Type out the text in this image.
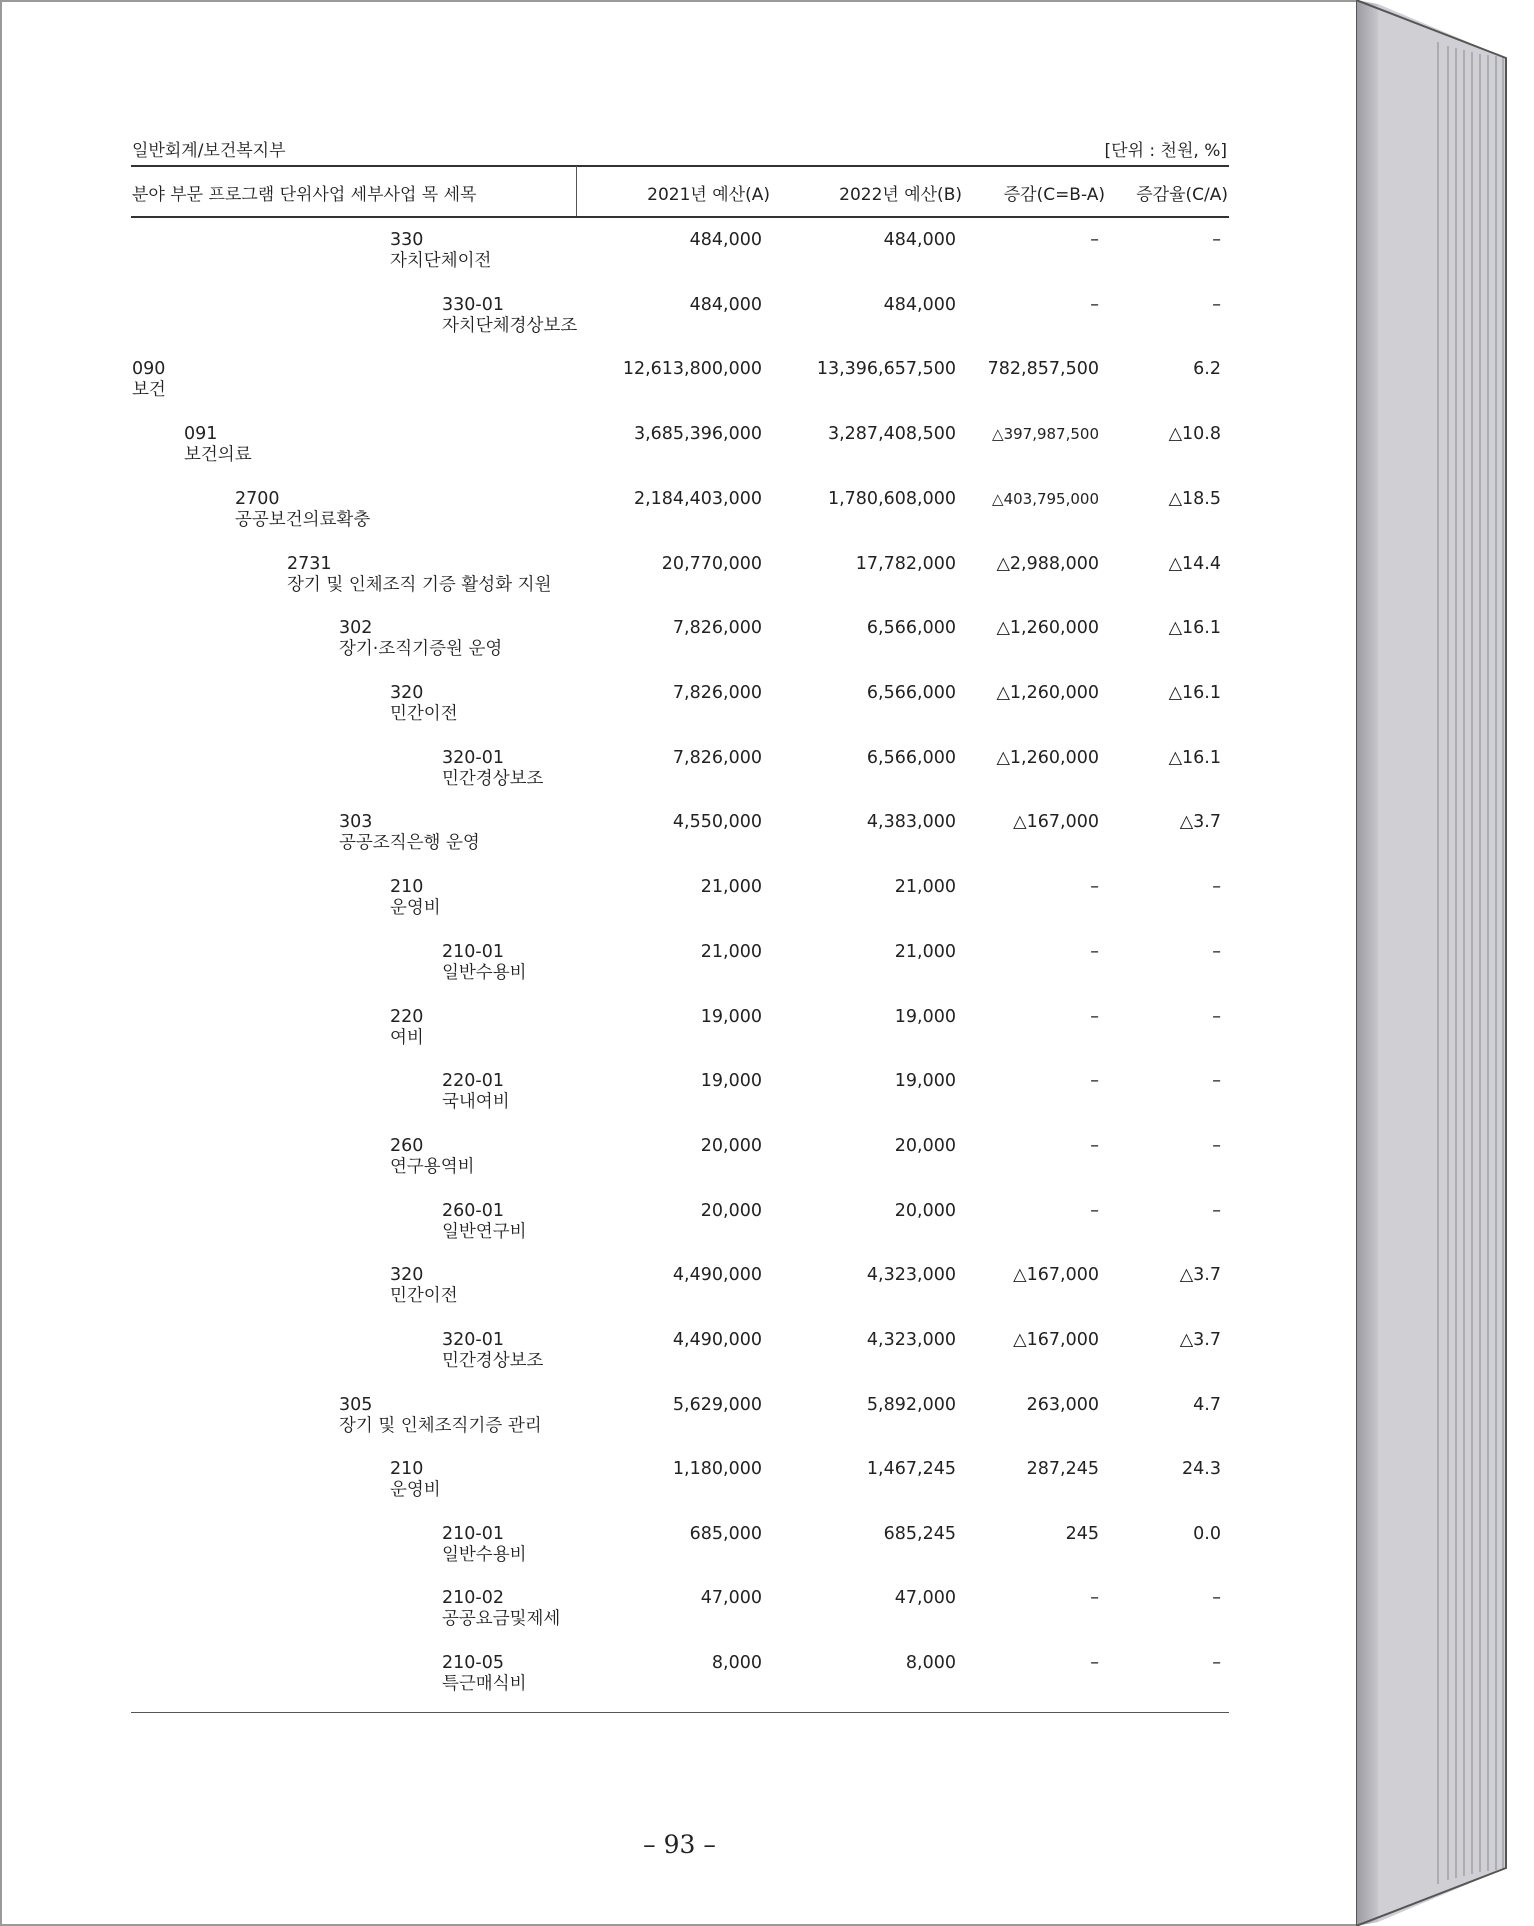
일반회계/보건복지부	[단위 : 천원, %]
분야 부문 프로그램 단위사업 세부사업 목 세목	2021년 예산(A)	2022년 예산(B)	증감(C=B-A)	증감율(C/A)
330
자치단체이전
484,000	484,000	–	–
330-01
자치단체경상보조
484,000	484,000	–	–
090
보건
12,613,800,000	13,396,657,500	782,857,500	6.2
091
보건의료
3,685,396,000	3,287,408,500	△397,987,500	△10.8
2700
공공보건의료확충
2,184,403,000	1,780,608,000	△403,795,000	△18.5
2731
장기 및 인체조직 기증 활성화 지원
20,770,000	17,782,000	△2,988,000	△14.4
302
장기·조직기증원 운영
7,826,000	6,566,000	△1,260,000	△16.1
320
민간이전
7,826,000	6,566,000	△1,260,000	△16.1
320-01
민간경상보조
7,826,000	6,566,000	△1,260,000	△16.1
303
공공조직은행 운영
4,550,000	4,383,000	△167,000	△3.7
210
운영비
21,000	21,000	–	–
210-01
일반수용비
21,000	21,000	–	–
220
여비
19,000	19,000	–	–
220-01
국내여비
19,000	19,000	–	–
260
연구용역비
20,000	20,000	–	–
260-01
일반연구비
20,000	20,000	–	–
320
민간이전
4,490,000	4,323,000	△167,000	△3.7
320-01
민간경상보조
4,490,000	4,323,000	△167,000	△3.7
305
장기 및 인체조직기증 관리
5,629,000	5,892,000	263,000	4.7
210
운영비
1,180,000	1,467,245	287,245	24.3
210-01
일반수용비
685,000	685,245	245	0.0
210-02
공공요금및제세
47,000	47,000	–	–
210-05
특근매식비
8,000	8,000	–	–
– 93 –
